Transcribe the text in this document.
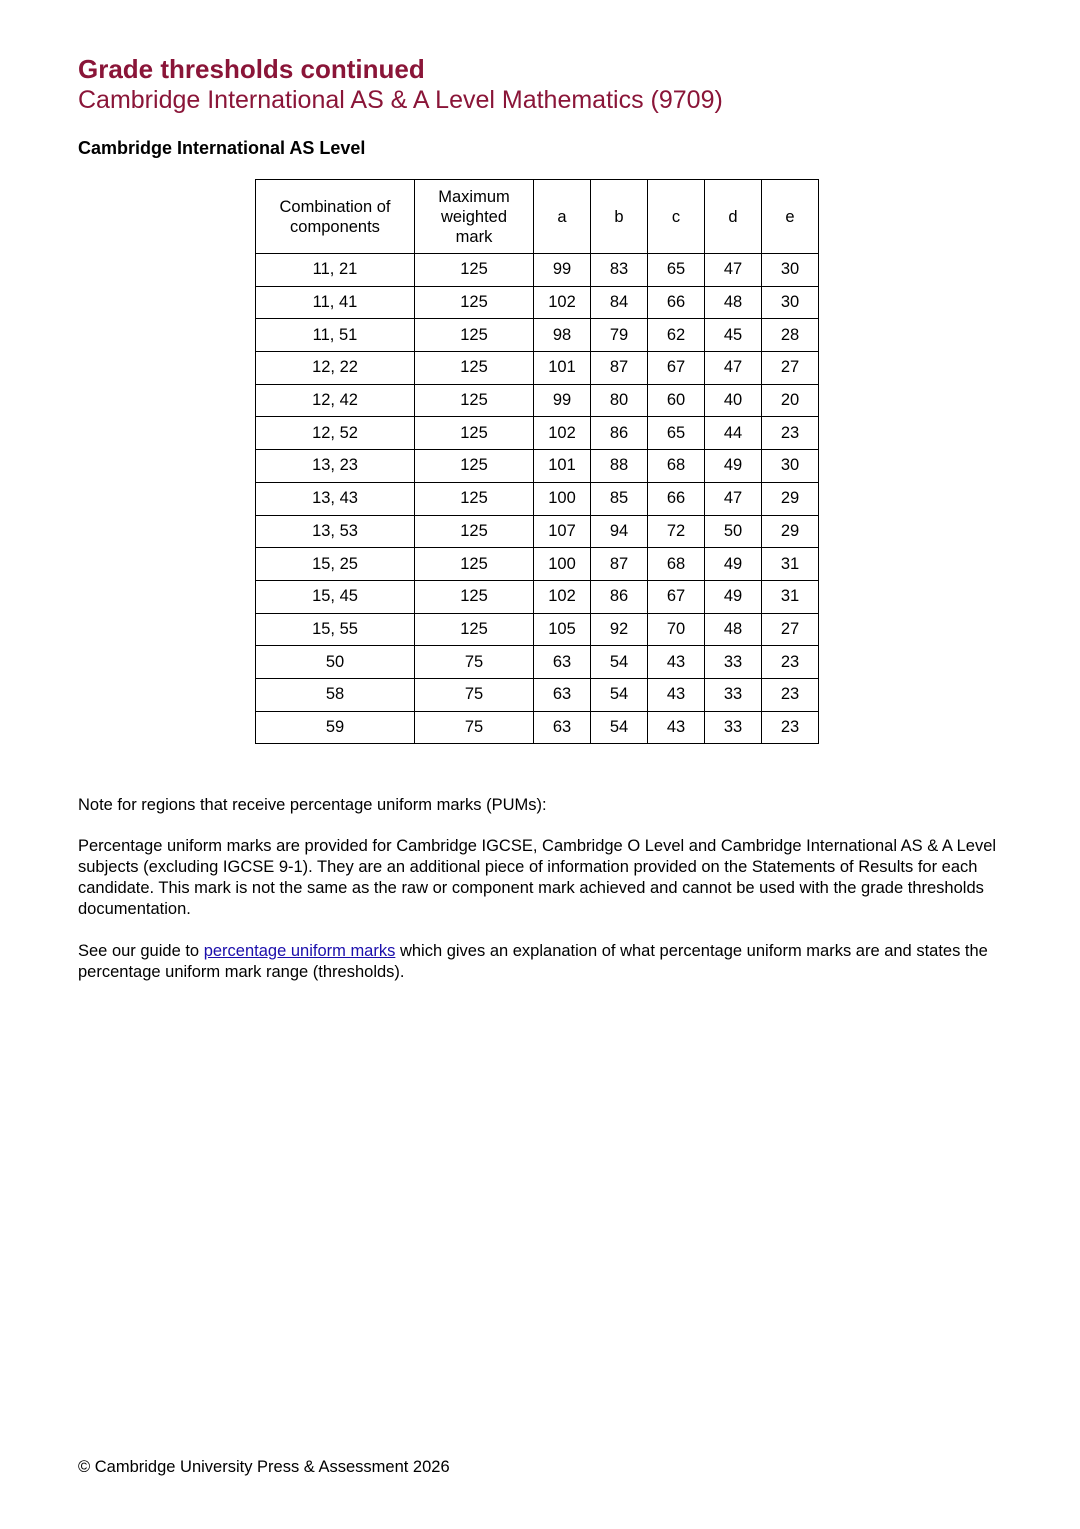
Grade thresholds continued
Cambridge International AS & A Level Mathematics (9709)
Cambridge International AS Level
Combination of components	Maximum weighted mark	a	b	c	d	e
11, 21	125	99	83	65	47	30
11, 41	125	102	84	66	48	30
11, 51	125	98	79	62	45	28
12, 22	125	101	87	67	47	27
12, 42	125	99	80	60	40	20
12, 52	125	102	86	65	44	23
13, 23	125	101	88	68	49	30
13, 43	125	100	85	66	47	29
13, 53	125	107	94	72	50	29
15, 25	125	100	87	68	49	31
15, 45	125	102	86	67	49	31
15, 55	125	105	92	70	48	27
50	75	63	54	43	33	23
58	75	63	54	43	33	23
59	75	63	54	43	33	23
Note for regions that receive percentage uniform marks (PUMs):
Percentage uniform marks are provided for Cambridge IGCSE, Cambridge O Level and Cambridge International AS & A Level subjects (excluding IGCSE 9-1). They are an additional piece of information provided on the Statements of Results for each candidate. This mark is not the same as the raw or component mark achieved and cannot be used with the grade thresholds documentation.
See our guide to percentage uniform marks which gives an explanation of what percentage uniform marks are and states the percentage uniform mark range (thresholds).
© Cambridge University Press & Assessment 2026
